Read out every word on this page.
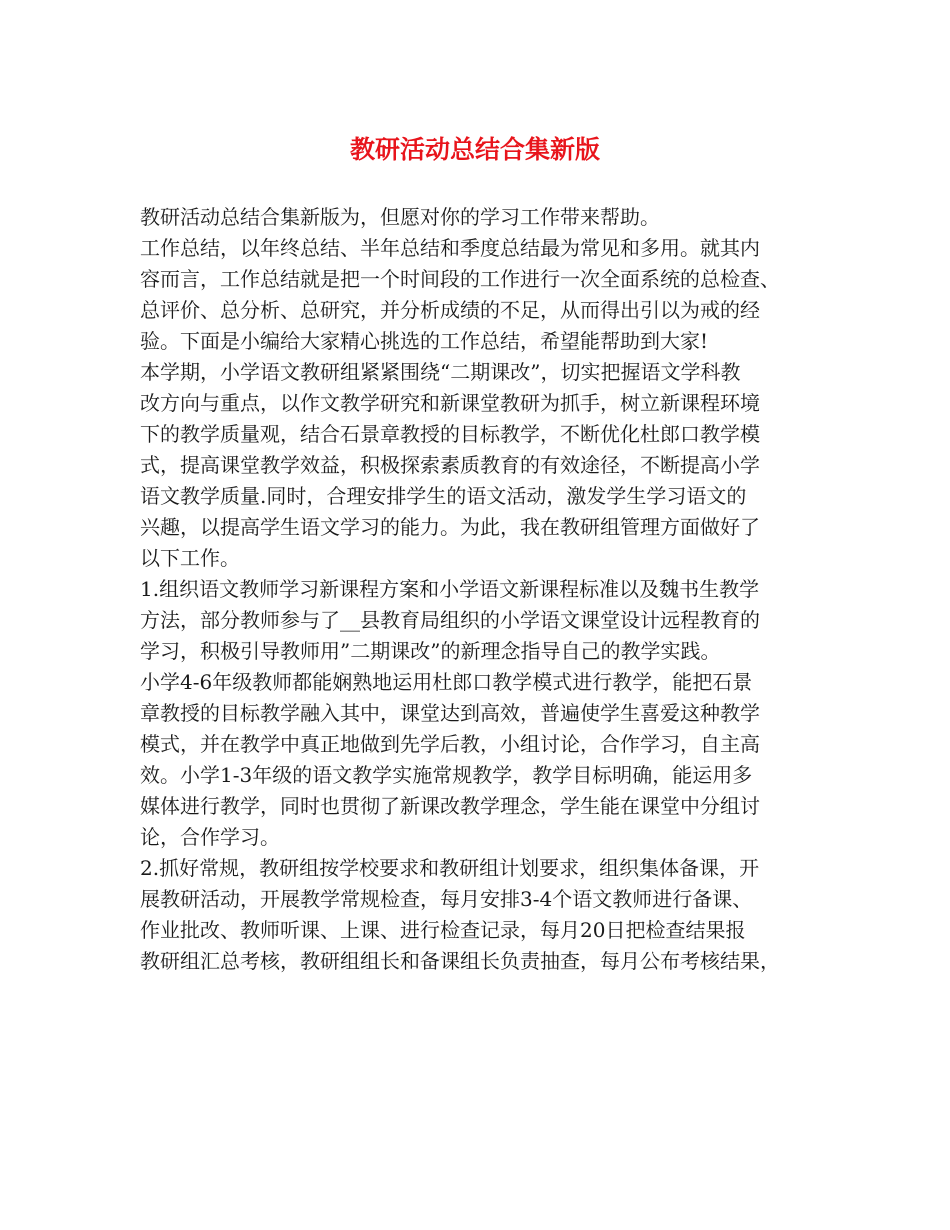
教研活动总结合集新版
教研活动总结合集新版为，但愿对你的学习工作带来帮助。
工作总结，以年终总结、半年总结和季度总结最为常见和多用。就其内
容而言，工作总结就是把一个时间段的工作进行一次全面系统的总检查、
总评价、总分析、总研究，并分析成绩的不足，从而得出引以为戒的经
验。下面是小编给大家精心挑选的工作总结，希望能帮助到大家!
本学期，小学语文教研组紧紧围绕“二期课改”，切实把握语文学科教
改方向与重点，以作文教学研究和新课堂教研为抓手，树立新课程环境
下的教学质量观，结合石景章教授的目标教学，不断优化杜郎口教学模
式，提高课堂教学效益，积极探索素质教育的有效途径，不断提高小学
语文教学质量.同时，合理安排学生的语文活动，激发学生学习语文的
兴趣，以提高学生语文学习的能力。为此，我在教研组管理方面做好了
以下工作。
1.组织语文教师学习新课程方案和小学语文新课程标准以及魏书生教学
方法，部分教师参与了__县教育局组织的小学语文课堂设计远程教育的
学习，积极引导教师用”二期课改”的新理念指导自己的教学实践。
小学4-6年级教师都能娴熟地运用杜郎口教学模式进行教学，能把石景
章教授的目标教学融入其中，课堂达到高效，普遍使学生喜爱这种教学
模式，并在教学中真正地做到先学后教，小组讨论，合作学习，自主高
效。小学1-3年级的语文教学实施常规教学，教学目标明确，能运用多
媒体进行教学，同时也贯彻了新课改教学理念，学生能在课堂中分组讨
论，合作学习。
2.抓好常规，教研组按学校要求和教研组计划要求，组织集体备课，开
展教研活动，开展教学常规检查，每月安排3-4个语文教师进行备课、
作业批改、教师听课、上课、进行检查记录，每月20日把检查结果报
教研组汇总考核，教研组组长和备课组长负责抽查，每月公布考核结果，
